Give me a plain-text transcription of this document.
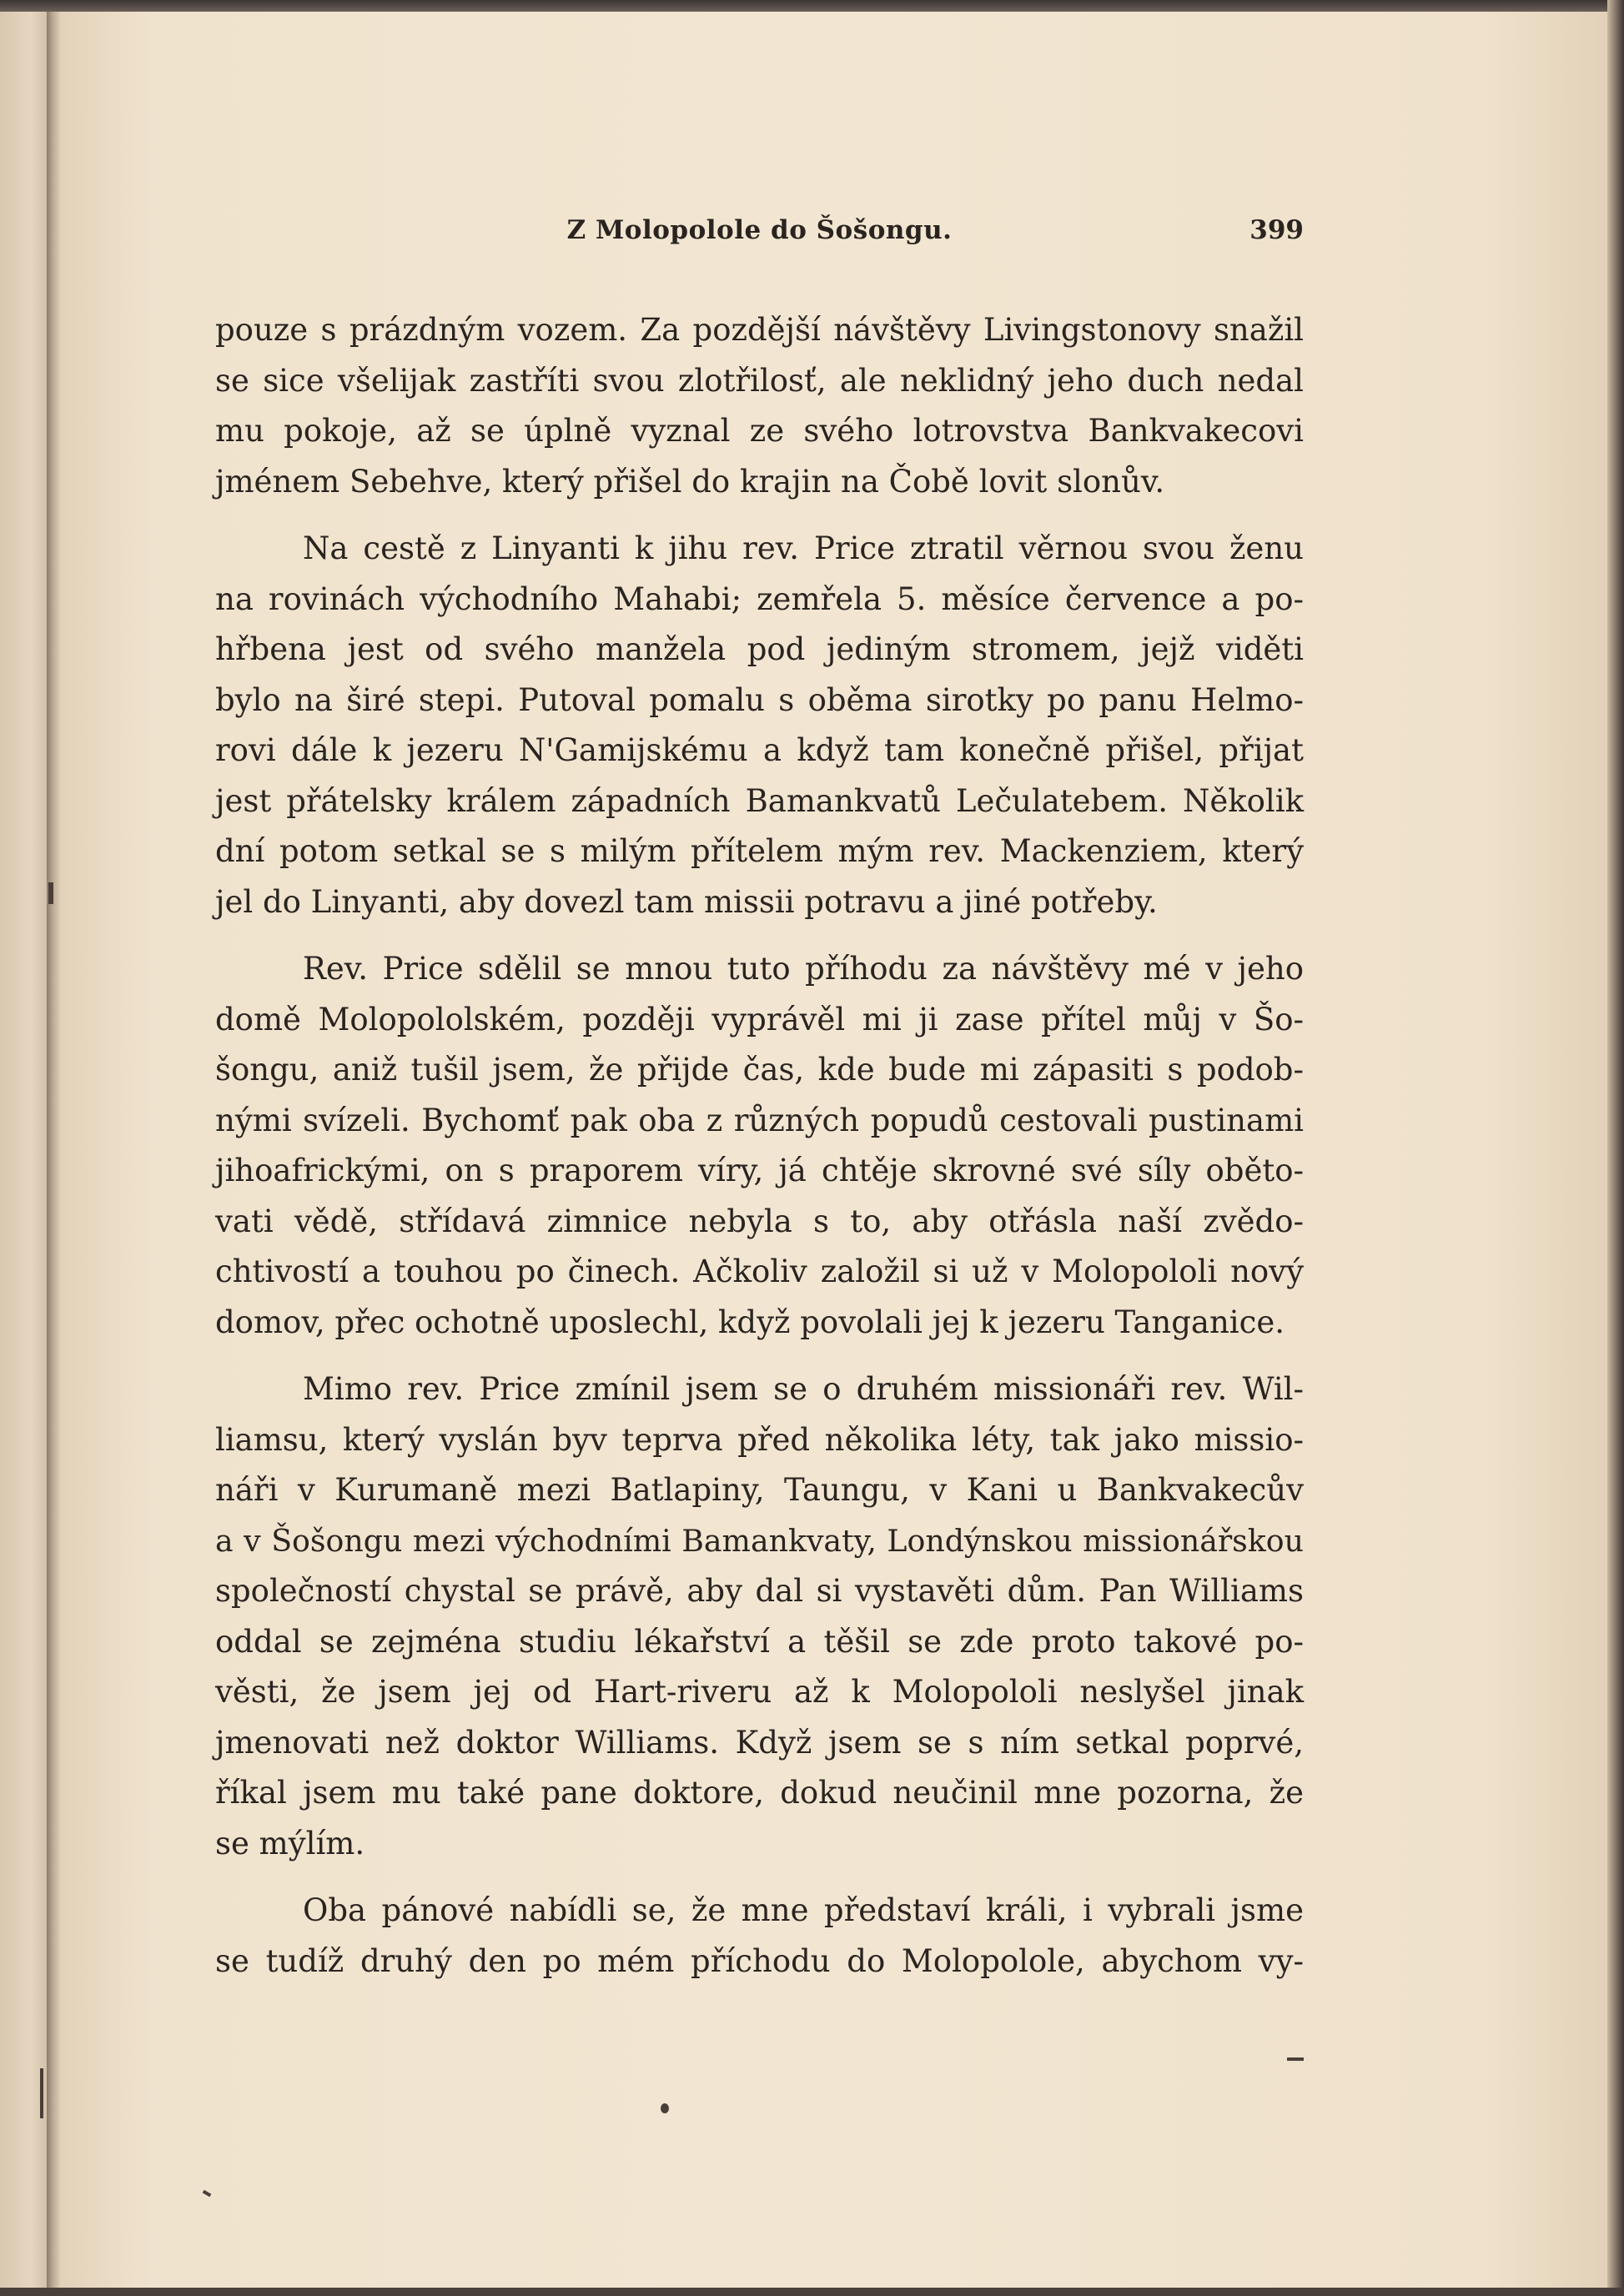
Z Molopolole do Šošongu.	399
pouze s prázdným vozem. Za pozdější návštěvy Livingstonovy snažil
se sice všelijak zastříti svou zlotřilosť, ale neklidný jeho duch nedal
mu pokoje, až se úplně vyznal ze svého lotrovstva Bankvakecovi
jménem Sebehve, který přišel do krajin na Čobě lovit slonův.
Na cestě z Linyanti k jihu rev. Price ztratil věrnou svou ženu
na rovinách východního Mahabi; zemřela 5. měsíce července a po-
hřbena jest od svého manžela pod jediným stromem, jejž viděti
bylo na širé stepi. Putoval pomalu s oběma sirotky po panu Helmo-
rovi dále k jezeru N'Gamijskému a když tam konečně přišel, přijat
jest přátelsky králem západních Bamankvatů Lečulatebem. Několik
dní potom setkal se s milým přítelem mým rev. Mackenziem, který
jel do Linyanti, aby dovezl tam missii potravu a jiné potřeby.
Rev. Price sdělil se mnou tuto příhodu za návštěvy mé v jeho
domě Molopololském, později vyprávěl mi ji zase přítel můj v Šo-
šongu, aniž tušil jsem, že přijde čas, kde bude mi zápasiti s podob-
nými svízeli. Bychomť pak oba z různých popudů cestovali pustinami
jihoafrickými, on s praporem víry, já chtěje skrovné své síly oběto-
vati vědě, střídavá zimnice nebyla s to, aby otřásla naší zvědo-
chtivostí a touhou po činech. Ačkoliv založil si už v Molopololi nový
domov, přec ochotně uposlechl, když povolali jej k jezeru Tanganice.
Mimo rev. Price zmínil jsem se o druhém missionáři rev. Wil-
liamsu, který vyslán byv teprva před několika léty, tak jako missio-
náři v Kurumaně mezi Batlapiny, Taungu, v Kani u Bankvakecův
a v Šošongu mezi východními Bamankvaty, Londýnskou missionářskou
společností chystal se právě, aby dal si vystavěti dům. Pan Williams
oddal se zejména studiu lékařství a těšil se zde proto takové po-
věsti, že jsem jej od Hart-riveru až k Molopololi neslyšel jinak
jmenovati než doktor Williams. Když jsem se s ním setkal poprvé,
říkal jsem mu také pane doktore, dokud neučinil mne pozorna, že
se mýlím.
Oba pánové nabídli se, že mne představí králi, i vybrali jsme
se tudíž druhý den po mém příchodu do Molopolole, abychom vy-
